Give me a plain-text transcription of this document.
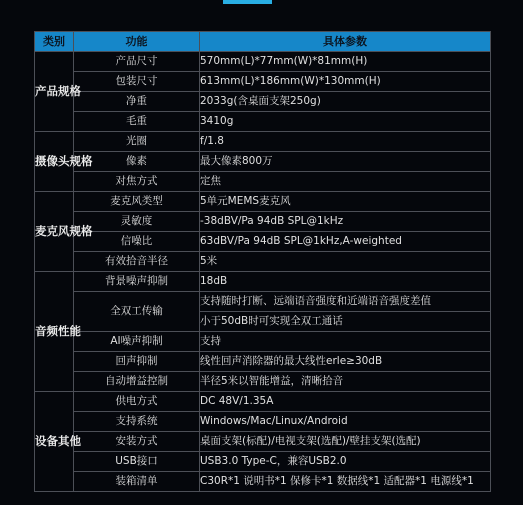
类别	功能	具体参数
产品规格	产品尺寸	570mm(L)*77mm(W)*81mm(H)
	包装尺寸	613mm(L)*186mm(W)*130mm(H)
	净重	2033g(含桌面支架250g)
	毛重	3410g
摄像头规格	光圈	f/1.8
	像素	最大像素800万
	对焦方式	定焦
麦克风规格	麦克风类型	5单元MEMS麦克风
	灵敏度	-38dBV/Pa 94dB SPL@1kHz
	信噪比	63dBV/Pa 94dB SPL@1kHz,A-weighted
	有效拾音半径	5米
音频性能	背景噪声抑制	18dB
	全双工传输	支持随时打断、远端语音强度和近端语音强度差值
		小于50dB时可实现全双工通话
	AI噪声抑制	支持
	回声抑制	线性回声消除器的最大线性erle≥30dB
	自动增益控制	半径5米以智能增益，清晰拾音
设备其他	供电方式	DC 48V/1.35A
	支持系统	Windows/Mac/Linux/Android
	安装方式	桌面支架(标配)/电视支架(选配)/壁挂支架(选配)
	USB接口	USB3.0 Type-C，兼容USB2.0
	装箱清单	C30R*1 说明书*1 保修卡*1 数据线*1 适配器*1 电源线*1
